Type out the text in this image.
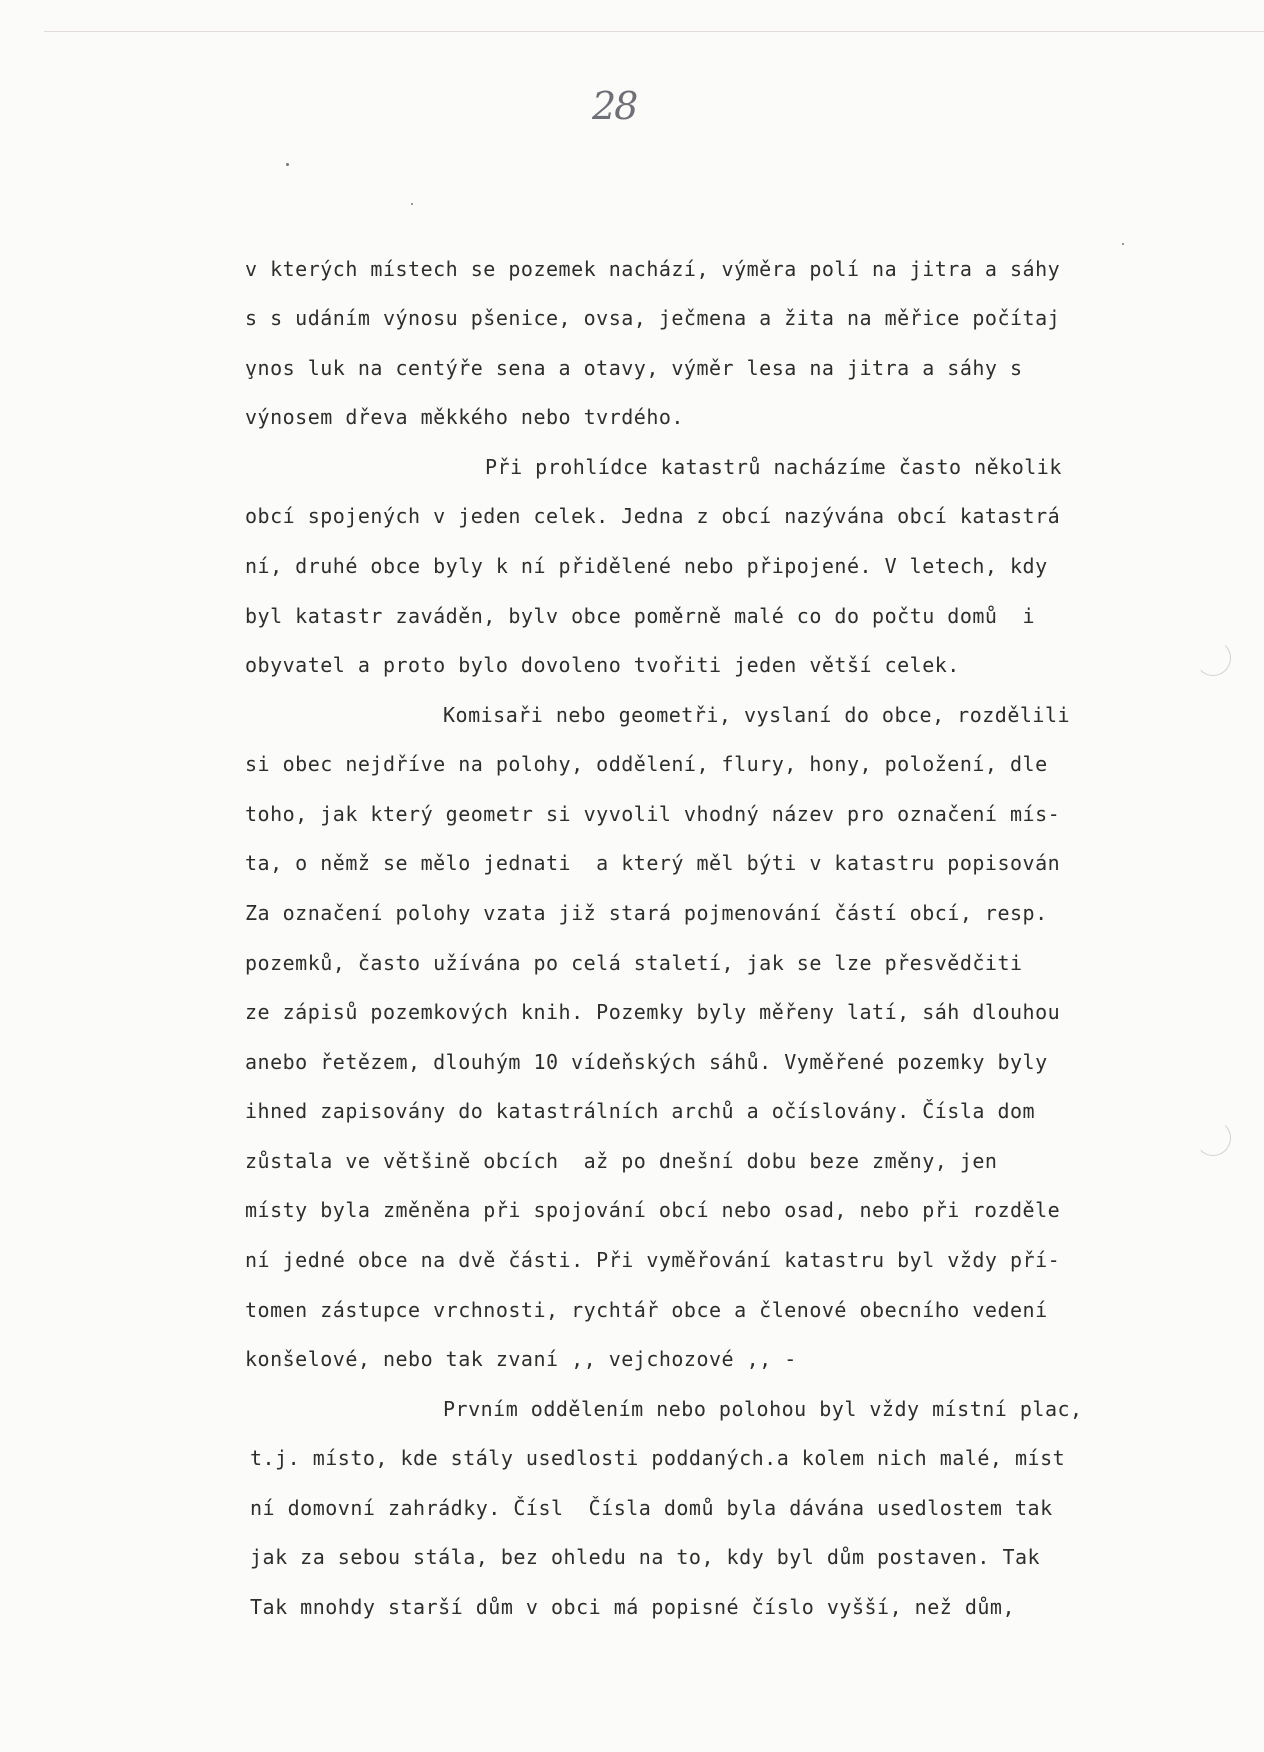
28
v kterých místech se pozemek nachází, výměra polí na jitra a sáhy
s s udáním výnosu pšenice, ovsa, ječmena a žita na měřice počítaj
v̧nos luk na centýře sena a otavy, výměr lesa na jitra a sáhy s
výnosem dřeva měkkého nebo tvrdého.
Při prohlídce katastrů nacházíme často několik
obcí spojených v jeden celek. Jedna z obcí nazývána obcí katastrá
ní, druhé obce byly k ní přidělené nebo připojené. V letech, kdy
byl katastr zaváděn, bylv obce poměrně malé co do počtu domů  i
obyvatel a proto bylo dovoleno tvořiti jeden větší celek.
Komisaři nebo geometři, vyslaní do obce, rozdělili
si obec nejdříve na polohy, oddělení, flury, hony, položení, dle
toho, jak který geometr si vyvolil vhodný název pro označení mís-
ta, o němž se mělo jednati  a který měl býti v katastru popisován
Za označení polohy vzata již stará pojmenování částí obcí, resp.
pozemků, často užívána po celá staletí, jak se lze přesvědčiti
ze zápisů pozemkových knih. Pozemky byly měřeny latí, sáh dlouhou
anebo řetězem, dlouhým 10 vídeňských sáhů. Vyměřené pozemky byly
ihned zapisovány do katastrálních archů a očíslovány. Čísla dom
zůstala ve většině obcích  až po dnešní dobu beze změny, jen
místy byla změněna při spojování obcí nebo osad, nebo při rozděle
ní jedné obce na dvě části. Při vyměřování katastru byl vždy pří-
tomen zástupce vrchnosti, rychtář obce a členové obecního vedení
konšelové, nebo tak zvaní ,, vejchozové ,, -
Prvním oddělením nebo polohou byl vždy místní plac,
t.j. místo, kde stály usedlosti poddaných.a kolem nich malé, míst
ní domovní zahrádky. Čísl  Čísla domů byla dávána usedlostem tak
jak za sebou stála, bez ohledu na to, kdy byl dům postaven. Tak
Tak mnohdy starší dům v obci má popisné číslo vyšší, než dům,
